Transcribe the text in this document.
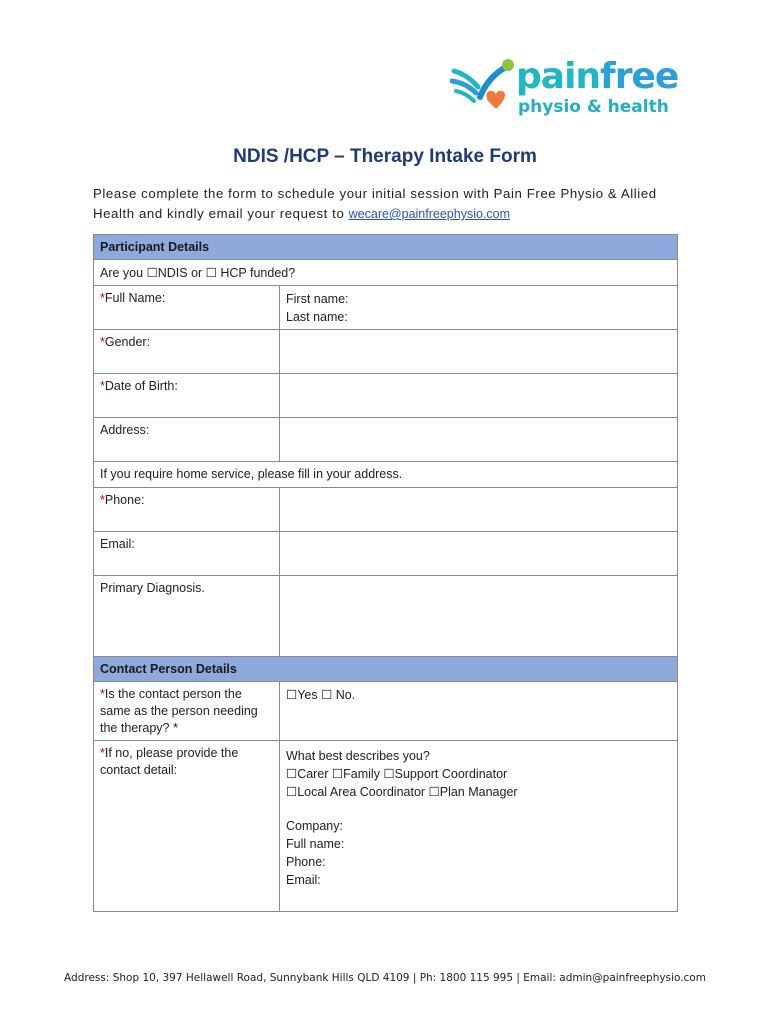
painfree
physio & health
NDIS /HCP – Therapy Intake Form
Please complete the form to schedule your initial session with Pain Free Physio & Allied Health and kindly email your request to wecare@painfreephysio.com
Participant Details
Are you ☐NDIS or ☐ HCP funded?
*Full Name:	First name:
Last name:
*Gender:
*Date of Birth:
Address:
If you require home service, please fill in your address.
*Phone:
Email:
Primary Diagnosis.
Contact Person Details
*Is the contact person the same as the person needing the therapy? *
☐Yes ☐ No.
*If no, please provide the contact detail:
What best describes you?
☐Carer ☐Family ☐Support Coordinator
☐Local Area Coordinator ☐Plan Manager
Company:
Full name:
Phone:
Email:
Address: Shop 10, 397 Hellawell Road, Sunnybank Hills QLD 4109 | Ph: 1800 115 995 | Email: admin@painfreephysio.com
